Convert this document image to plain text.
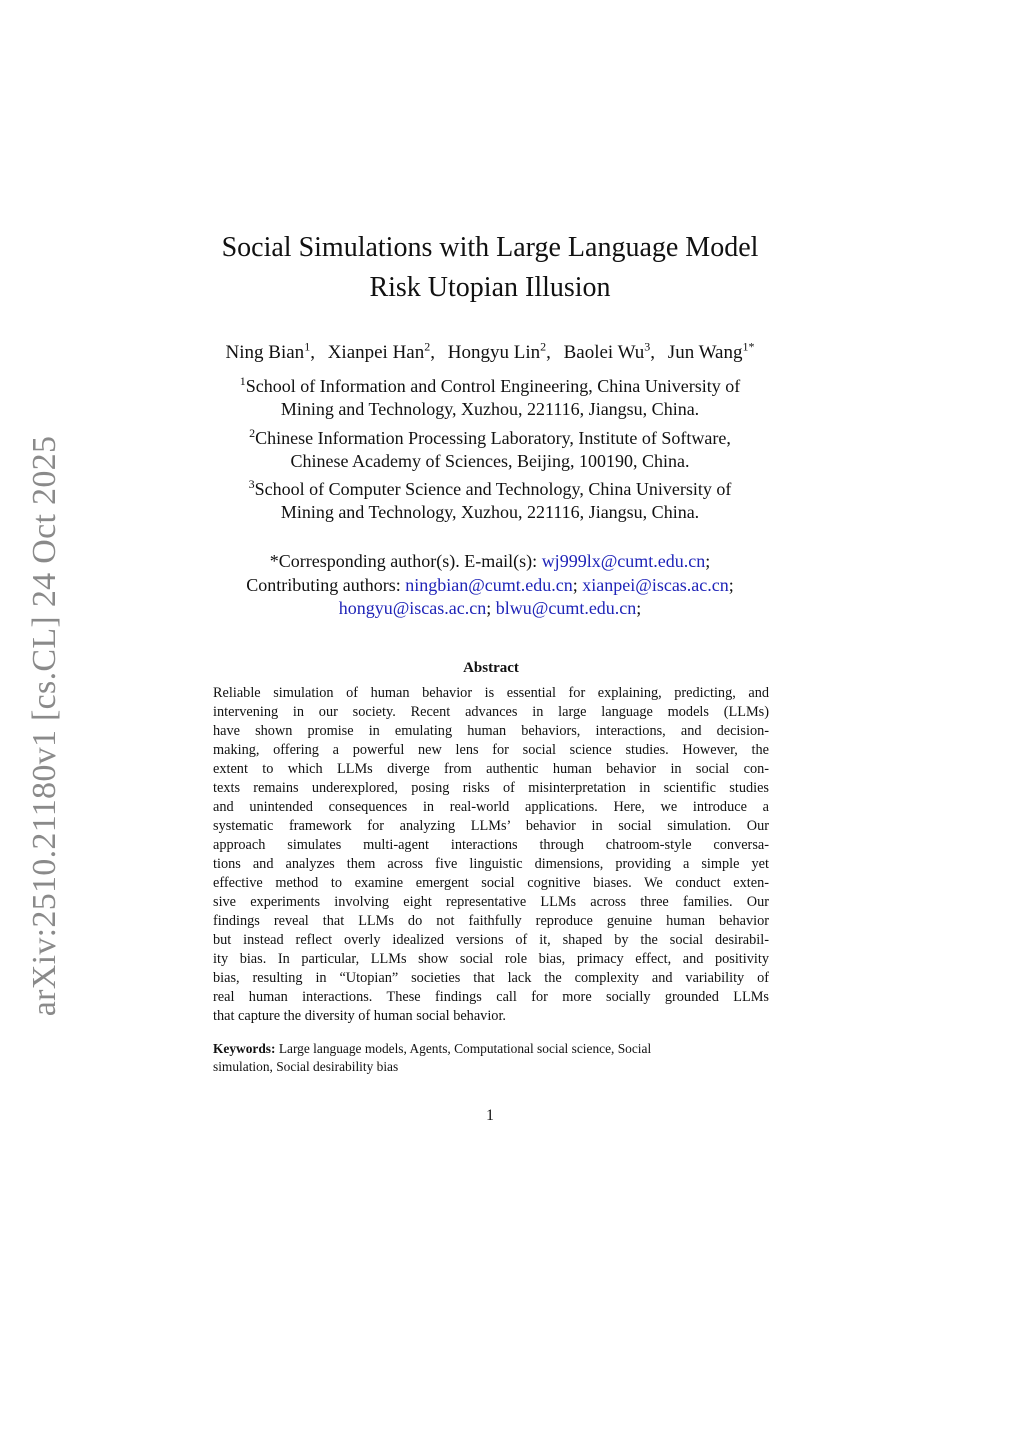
arXiv:2510.21180v1 [cs.CL] 24 Oct 2025
Social Simulations with Large Language Model
Risk Utopian Illusion
Ning Bian$^1$, Xianpei Han$^2$, Hongyu Lin$^2$, Baolei Wu$^3$, Jun Wang$^{1*}$
$^1$School of Information and Control Engineering, China University of
Mining and Technology, Xuzhou, 221116, Jiangsu, China.
$^2$Chinese Information Processing Laboratory, Institute of Software,
Chinese Academy of Sciences, Beijing, 100190, China.
$^3$School of Computer Science and Technology, China University of
Mining and Technology, Xuzhou, 221116, Jiangsu, China.
*Corresponding author(s). E-mail(s): wj999lx@cumt.edu.cn;
Contributing authors: ningbian@cumt.edu.cn; xianpei@iscas.ac.cn;
hongyu@iscas.ac.cn; blwu@cumt.edu.cn;
Abstract
Reliable simulation of human behavior is essential for explaining, predicting, and
intervening in our society. Recent advances in large language models (LLMs)
have shown promise in emulating human behaviors, interactions, and decision-
making, offering a powerful new lens for social science studies. However, the
extent to which LLMs diverge from authentic human behavior in social con-
texts remains underexplored, posing risks of misinterpretation in scientific studies
and unintended consequences in real-world applications. Here, we introduce a
systematic framework for analyzing LLMs’ behavior in social simulation. Our
approach simulates multi-agent interactions through chatroom-style conversa-
tions and analyzes them across five linguistic dimensions, providing a simple yet
effective method to examine emergent social cognitive biases. We conduct exten-
sive experiments involving eight representative LLMs across three families. Our
findings reveal that LLMs do not faithfully reproduce genuine human behavior
but instead reflect overly idealized versions of it, shaped by the social desirabil-
ity bias. In particular, LLMs show social role bias, primacy effect, and positivity
bias, resulting in “Utopian” societies that lack the complexity and variability of
real human interactions. These findings call for more socially grounded LLMs
that capture the diversity of human social behavior.
Keywords: Large language models, Agents, Computational social science, Social
simulation, Social desirability bias
1
